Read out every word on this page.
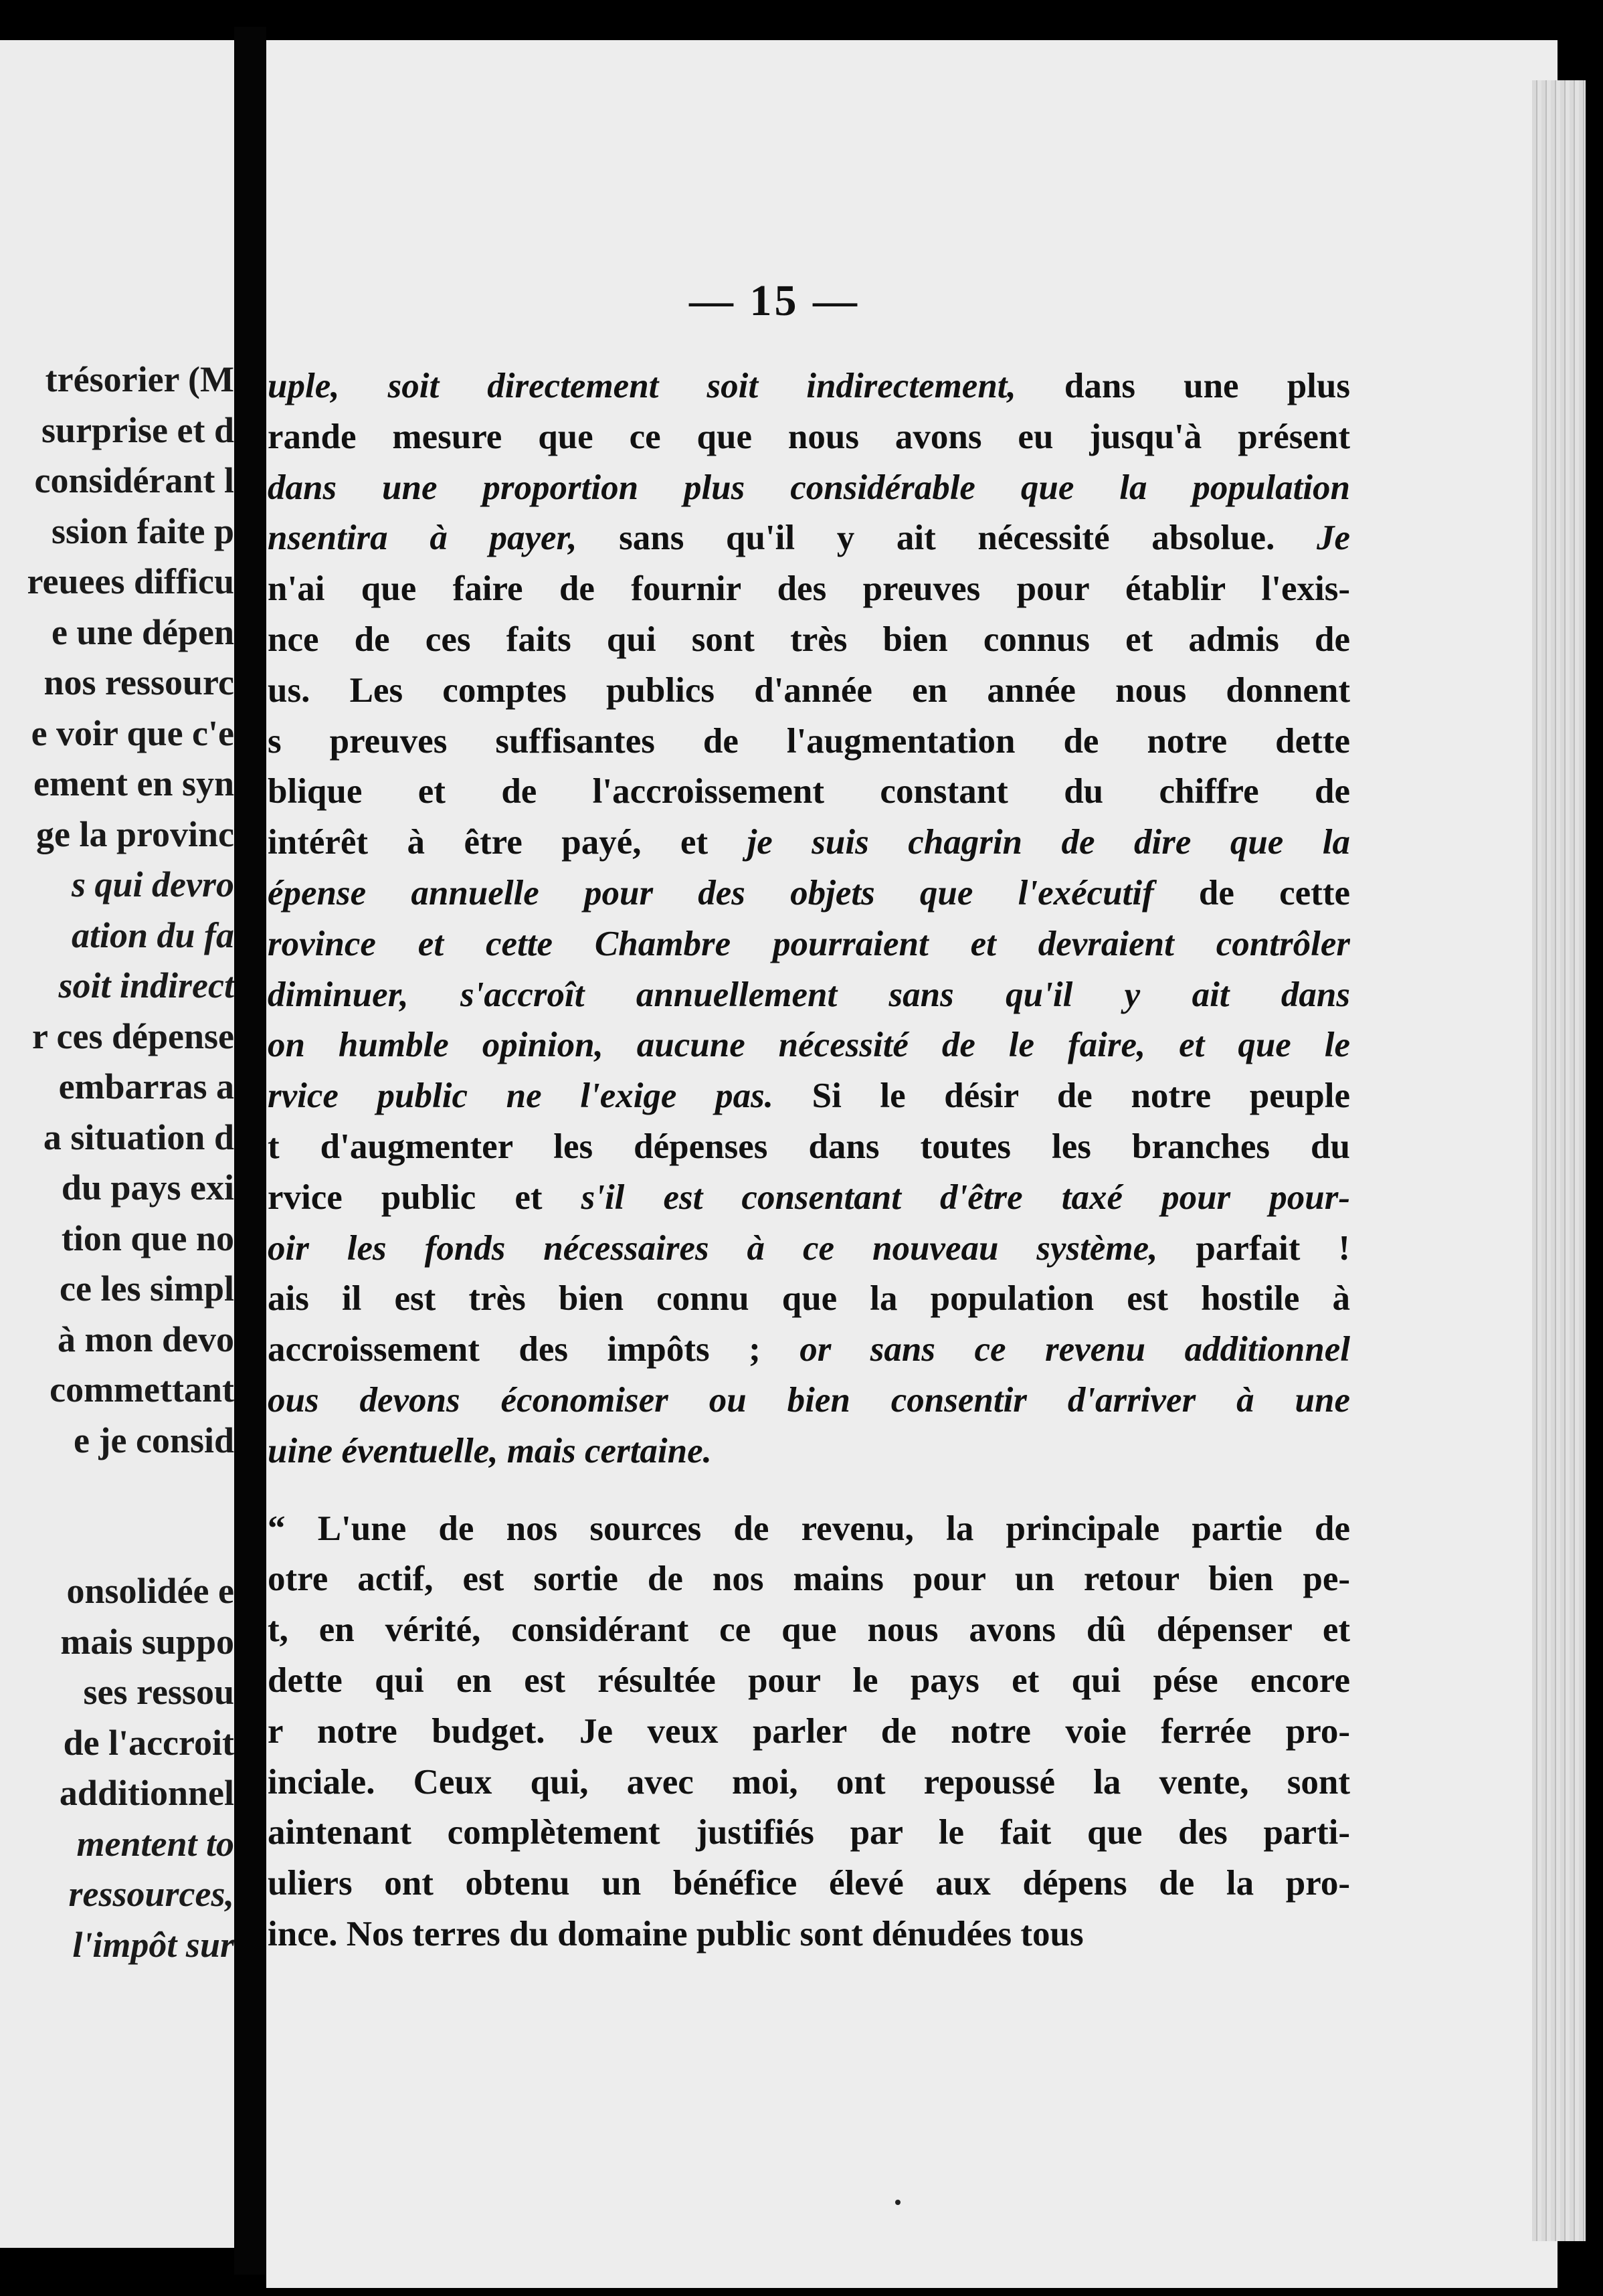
trésorier (M
surprise et d
considérant l
ssion faite p
reuees difficu
e une dépen
nos ressourc
e voir que c'e
ement en syn
ge la provinc
s qui devro
ation du fa
soit indirect
r ces dépense
embarras a
a situation d
du pays exi
tion que no
ce les simpl
à mon devo
commettant
e je consid
onsolidée e
mais suppo
ses ressou
de l'accroit
additionnel
mentent to
ressources,
l'impôt sur
— 15 —
uple, soit directement soit indirectement, dans une plus
rande mesure que ce que nous avons eu jusqu'à présent
dans une proportion plus considérable que la population
nsentira à payer, sans qu'il y ait nécessité absolue. Je
n'ai que faire de fournir des preuves pour établir l'exis-
nce de ces faits qui sont très bien connus et admis de
us. Les comptes publics d'année en année nous donnent
s preuves suffisantes de l'augmentation de notre dette
blique et de l'accroissement constant du chiffre de
intérêt à être payé, et je suis chagrin de dire que la
épense annuelle pour des objets que l'exécutif de cette
rovince et cette Chambre pourraient et devraient contrôler
diminuer, s'accroît annuellement sans qu'il y ait dans
on humble opinion, aucune nécessité de le faire, et que le
rvice public ne l'exige pas. Si le désir de notre peuple
t d'augmenter les dépenses dans toutes les branches du
rvice public et s'il est consentant d'être taxé pour pour-
oir les fonds nécessaires à ce nouveau système, parfait !
ais il est très bien connu que la population est hostile à
accroissement des impôts ; or sans ce revenu additionnel
ous devons économiser ou bien consentir d'arriver à une
uine éventuelle, mais certaine.
“ L'une de nos sources de revenu, la principale partie de
otre actif, est sortie de nos mains pour un retour bien pe-
t, en vérité, considérant ce que nous avons dû dépenser et
dette qui en est résultée pour le pays et qui pése encore
r notre budget. Je veux parler de notre voie ferrée pro-
inciale. Ceux qui, avec moi, ont repoussé la vente, sont
aintenant complètement justifiés par le fait que des parti-
uliers ont obtenu un bénéfice élevé aux dépens de la pro-
ince. Nos terres du domaine public sont dénudées tous
